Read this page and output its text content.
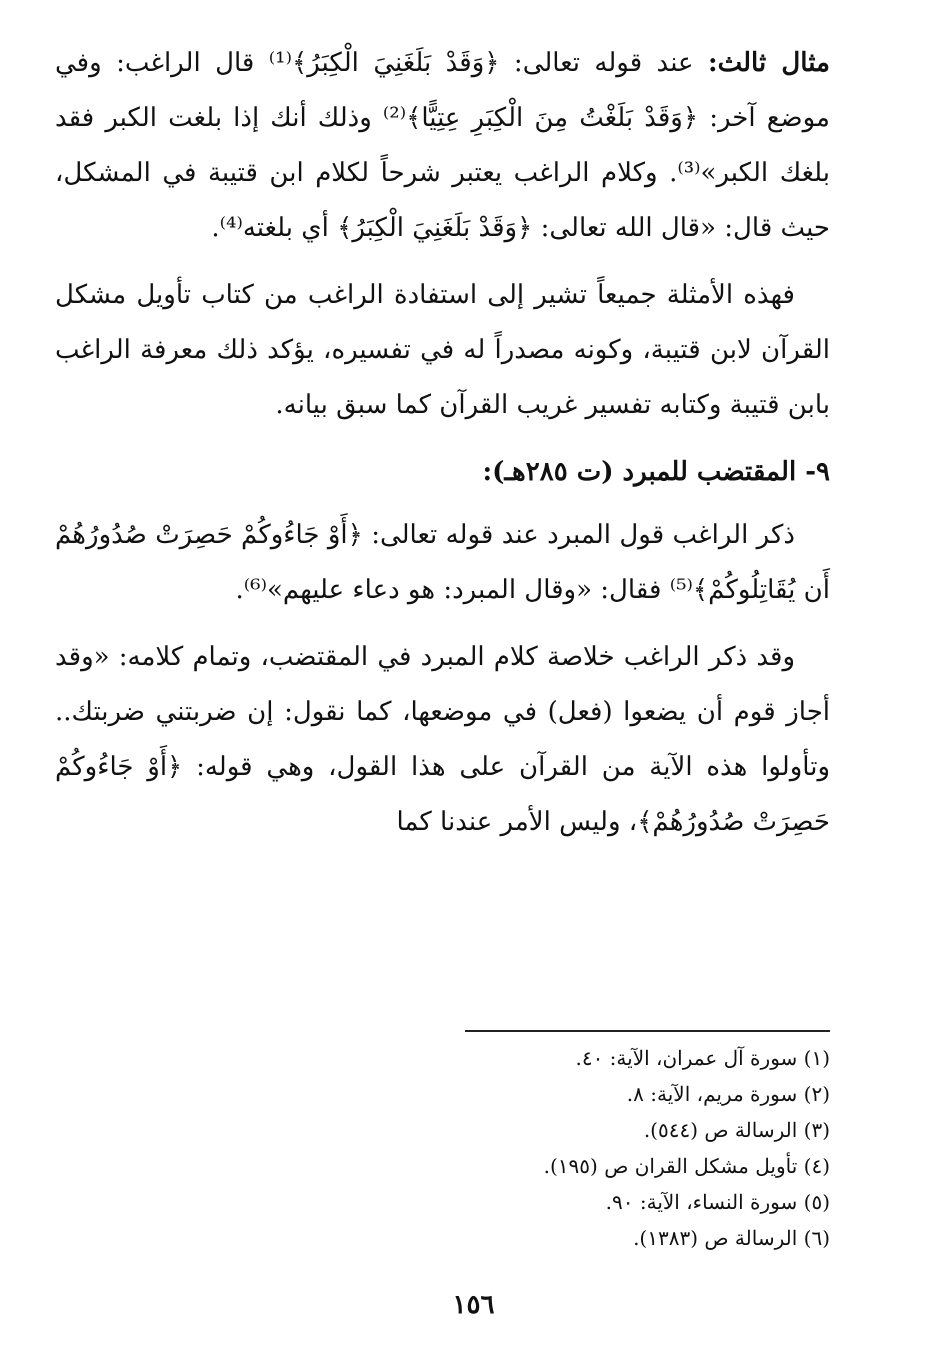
مثال ثالث: عند قوله تعالى: ﴿وَقَدْ بَلَغَنِيَ الْكِبَرُ﴾⁽¹⁾ قال الراغب: وفي موضع آخر: ﴿وَقَدْ بَلَغْتُ مِنَ الْكِبَرِ عِتِيًّا﴾⁽²⁾ وذلك أنك إذا بلغت الكبر فقد بلغك الكبر»⁽³⁾. وكلام الراغب يعتبر شرحاً لكلام ابن قتيبة في المشكل، حيث قال: «قال الله تعالى: ﴿وَقَدْ بَلَغَنِيَ الْكِبَرُ﴾ أي بلغته⁽⁴⁾.

فهذه الأمثلة جميعاً تشير إلى استفادة الراغب من كتاب تأويل مشكل القرآن لابن قتيبة، وكونه مصدراً له في تفسيره، يؤكد ذلك معرفة الراغب بابن قتيبة وكتابه تفسير غريب القرآن كما سبق بيانه.

٩- المقتضب للمبرد (ت ٢٨٥هـ):

ذكر الراغب قول المبرد عند قوله تعالى: ﴿أَوْ جَاءُوكُمْ حَصِرَتْ صُدُورُهُمْ أَن يُقَاتِلُوكُمْ﴾⁽⁵⁾ فقال: «وقال المبرد: هو دعاء عليهم»⁽⁶⁾.

وقد ذكر الراغب خلاصة كلام المبرد في المقتضب، وتمام كلامه: «وقد أجاز قوم أن يضعوا (فعل) في موضعها، كما نقول: إن ضربتني ضربتك.. وتأولوا هذه الآية من القرآن على هذا القول، وهي قوله: ﴿أَوْ جَاءُوكُمْ حَصِرَتْ صُدُورُهُمْ﴾، وليس الأمر عندنا كما

(١) سورة آل عمران، الآية: ٤٠.
(٢) سورة مريم، الآية: ٨.
(٣) الرسالة ص (٥٤٤).
(٤) تأويل مشكل القران ص (١٩٥).
(٥) سورة النساء، الآية: ٩٠.
(٦) الرسالة ص (١٣٨٣).
١٥٦
